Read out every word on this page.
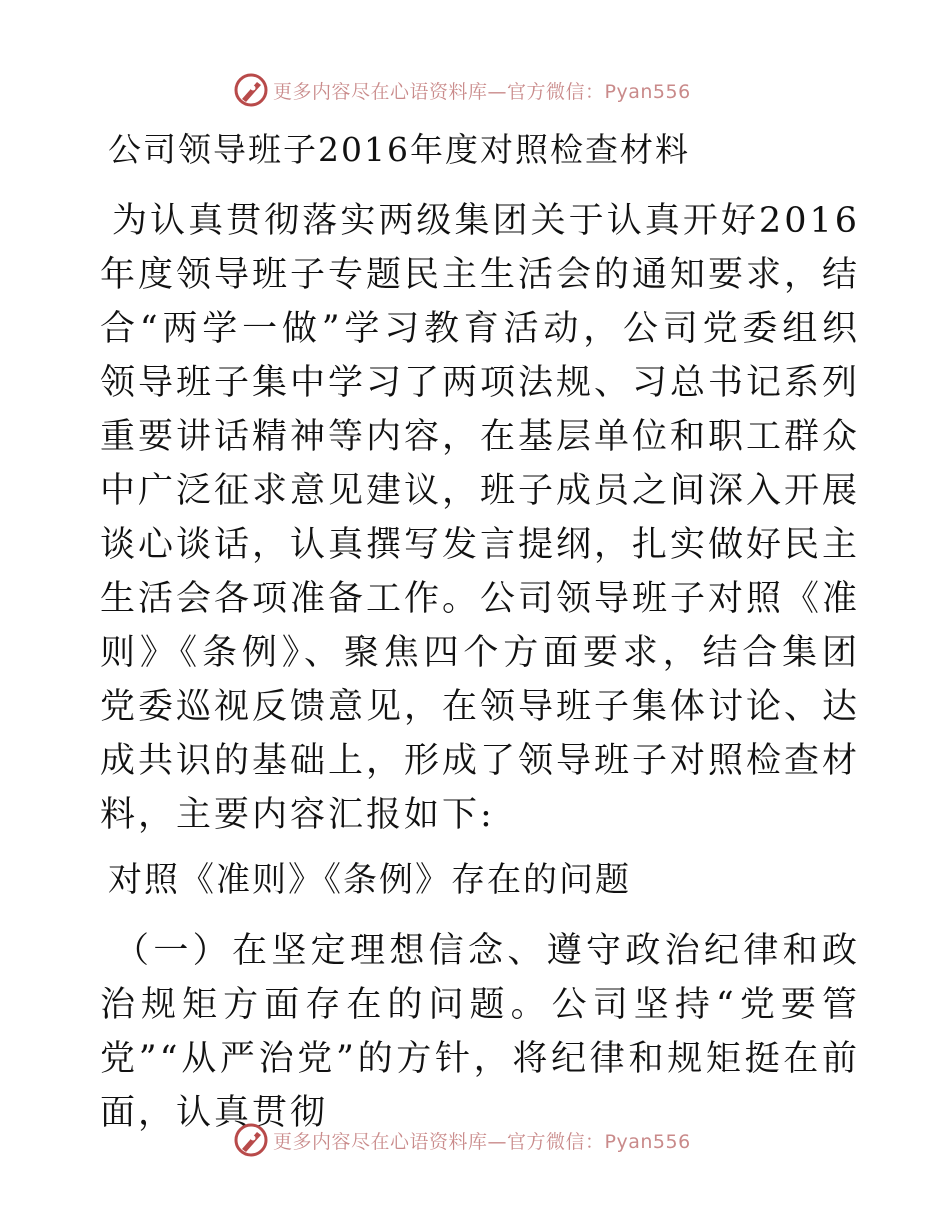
更多内容尽在心语资料库—官方微信：Pyan556
公司领导班子2016年度对照检查材料

为认真贯彻落实两级集团关于认真开好2016年度领导班子专题民主生活会的通知要求，结合“两学一做”学习教育活动，公司党委组织领导班子集中学习了两项法规、习总书记系列重要讲话精神等内容，在基层单位和职工群众中广泛征求意见建议，班子成员之间深入开展谈心谈话，认真撰写发言提纲，扎实做好民主生活会各项准备工作。公司领导班子对照《准则》《条例》、聚焦四个方面要求，结合集团党委巡视反馈意见，在领导班子集体讨论、达成共识的基础上，形成了领导班子对照检查材料，主要内容汇报如下:

对照《准则》《条例》存在的问题

（一）在坚定理想信念、遵守政治纪律和政治规矩方面存在的问题。公司坚持“党要管党”“从严治党”的方针，将纪律和规矩挺在前面，认真贯彻

更多内容尽在心语资料库—官方微信：Pyan556
